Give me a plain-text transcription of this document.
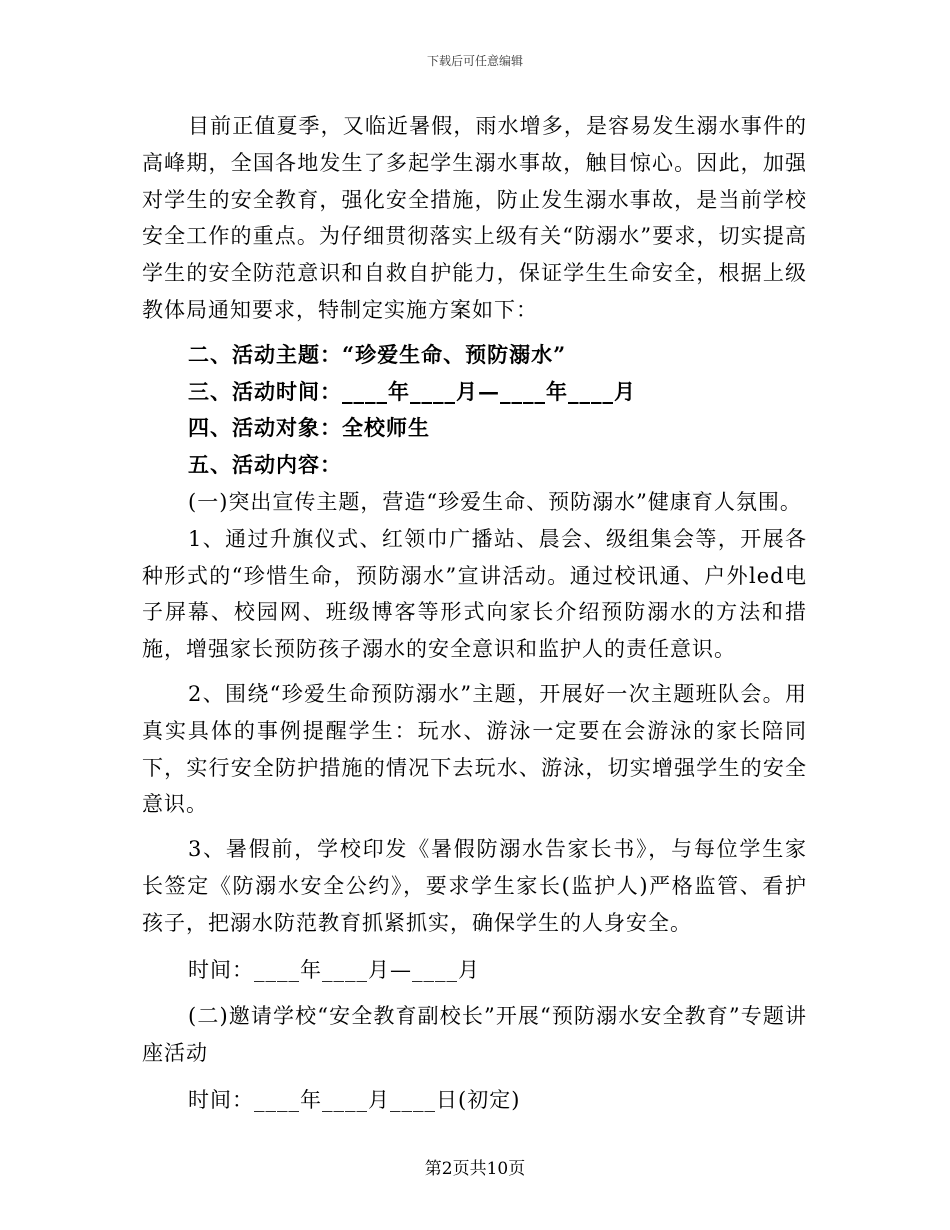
下载后可任意编辑

目前正值夏季，又临近暑假，雨水增多，是容易发生溺水事件的高峰期，全国各地发生了多起学生溺水事故，触目惊心。因此，加强对学生的安全教育，强化安全措施，防止发生溺水事故，是当前学校安全工作的重点。为仔细贯彻落实上级有关“防溺水”要求，切实提高学生的安全防范意识和自救自护能力，保证学生生命安全，根据上级教体局通知要求，特制定实施方案如下：

二、活动主题：“珍爱生命、预防溺水”

三、活动时间：____年____月—____年____月

四、活动对象：全校师生

五、活动内容：

(一)突出宣传主题，营造“珍爱生命、预防溺水”健康育人氛围。

1、通过升旗仪式、红领巾广播站、晨会、级组集会等，开展各种形式的“珍惜生命，预防溺水”宣讲活动。通过校讯通、户外led电子屏幕、校园网、班级博客等形式向家长介绍预防溺水的方法和措施，增强家长预防孩子溺水的安全意识和监护人的责任意识。

2、围绕“珍爱生命预防溺水”主题，开展好一次主题班队会。用真实具体的事例提醒学生：玩水、游泳一定要在会游泳的家长陪同下，实行安全防护措施的情况下去玩水、游泳，切实增强学生的安全意识。

3、暑假前，学校印发《暑假防溺水告家长书》，与每位学生家长签定《防溺水安全公约》，要求学生家长(监护人)严格监管、看护孩子，把溺水防范教育抓紧抓实，确保学生的人身安全。

时间：____年____月—____月

(二)邀请学校“安全教育副校长”开展“预防溺水安全教育”专题讲座活动

时间：____年____月____日(初定)

第2页共10页
